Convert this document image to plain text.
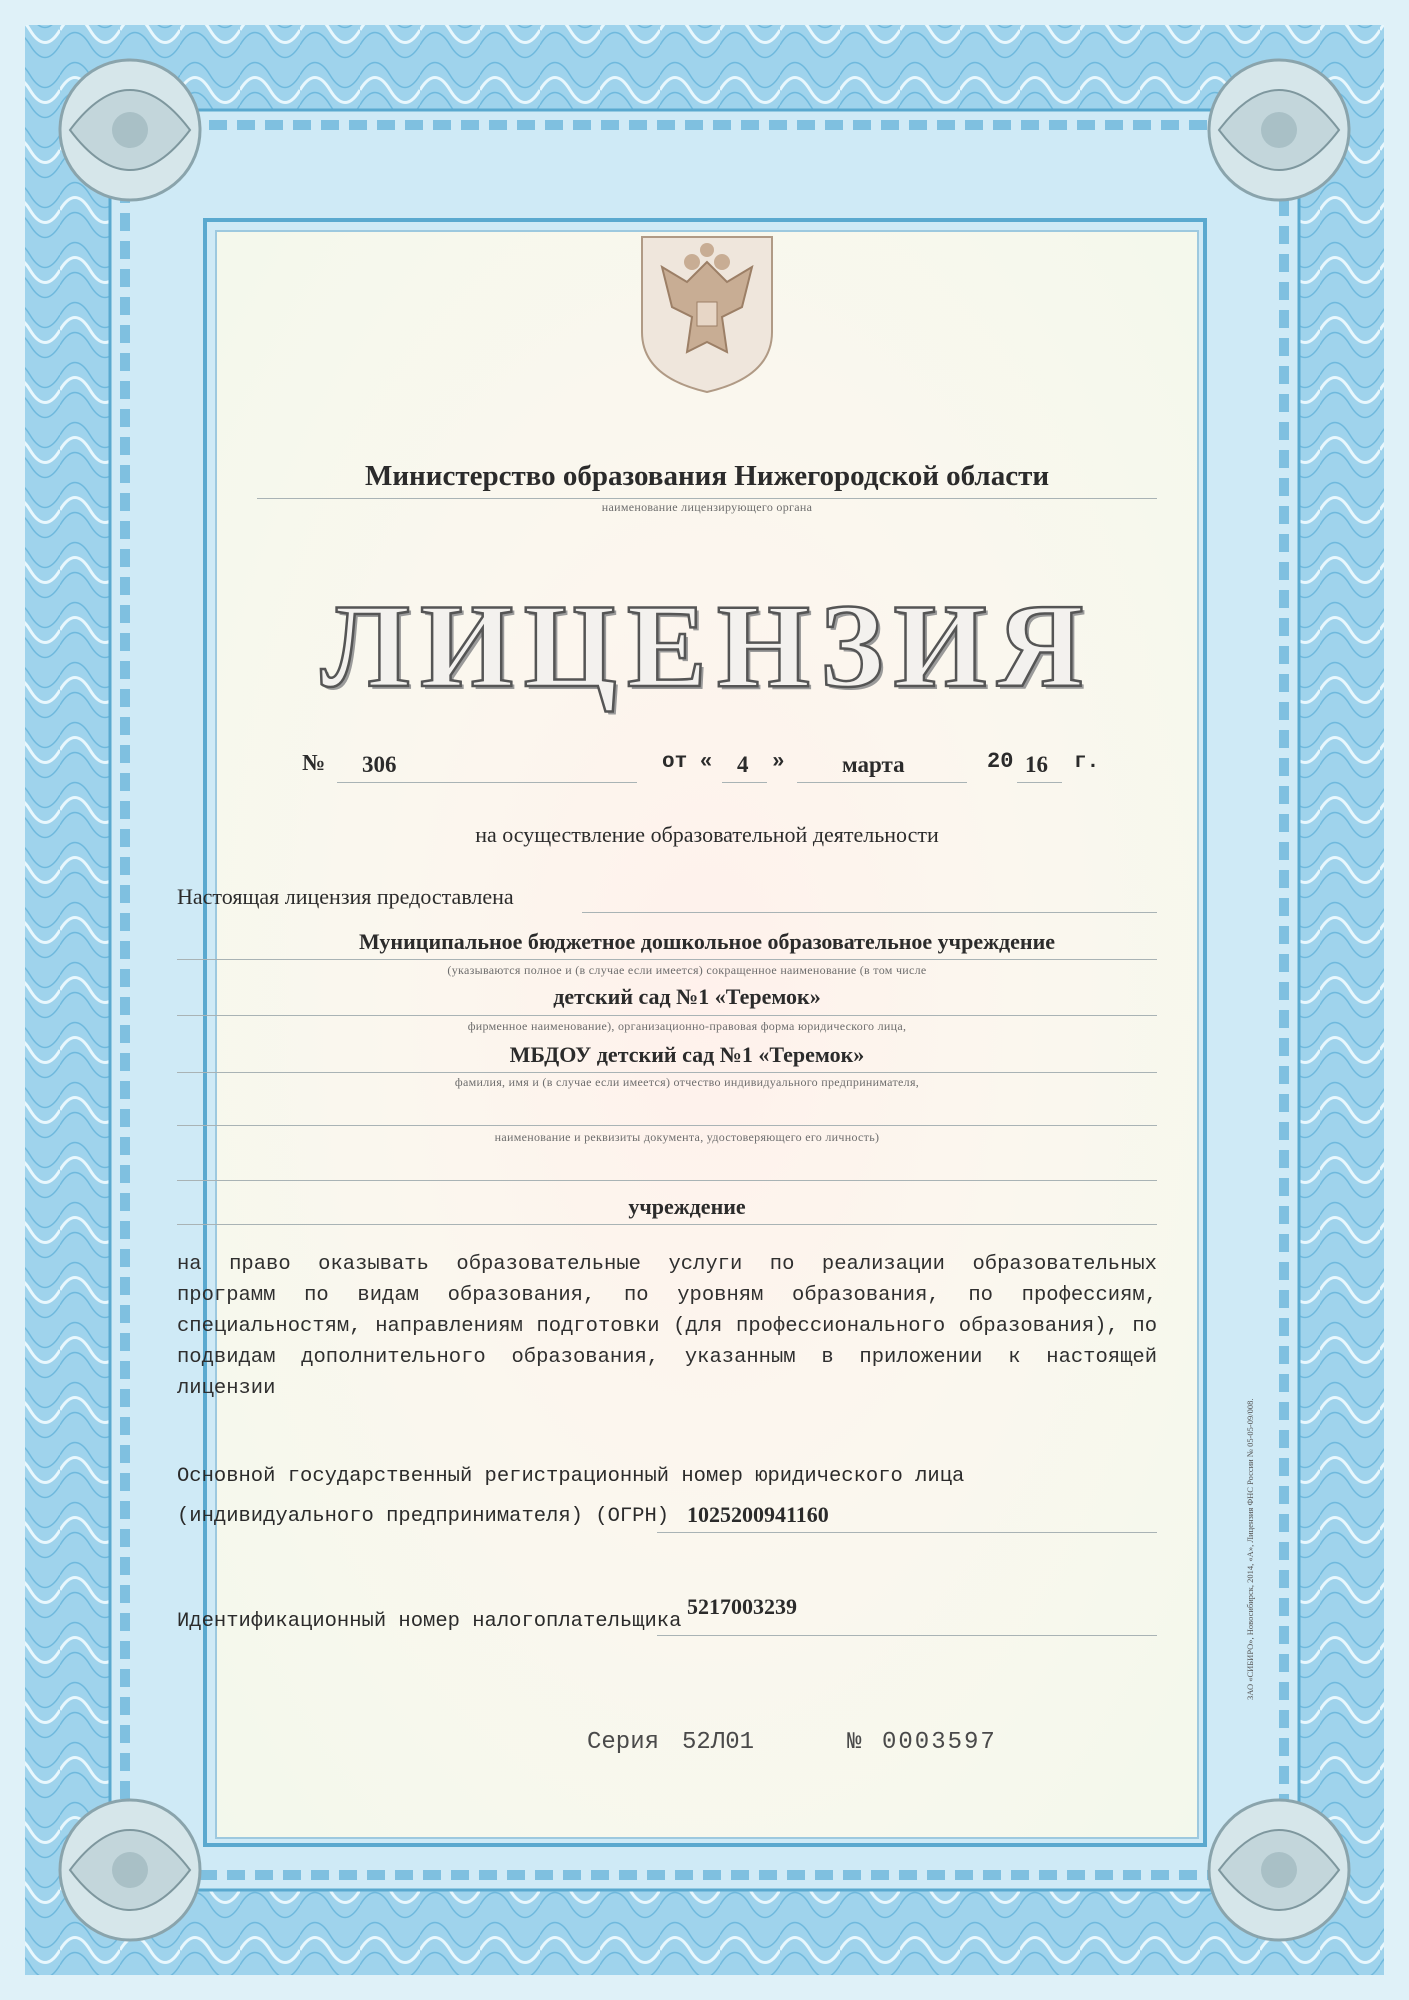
Министерство образования Нижегородской области
наименование лицензирующего органа
ЛИЦЕНЗИЯ
№ 306	от « 4 » марта	20 16 г.
на осуществление образовательной деятельности
Настоящая лицензия предоставлена
Муниципальное бюджетное дошкольное образовательное учреждение
(указываются полное и (в случае если имеется) сокращенное наименование (в том числе
детский сад №1 «Теремок»
фирменное наименование), организационно-правовая форма юридического лица,
МБДОУ детский сад №1 «Теремок»
фамилия, имя и (в случае если имеется) отчество индивидуального предпринимателя,
наименование и реквизиты документа, удостоверяющего его личность)
учреждение
на право оказывать образовательные услуги по реализации образовательных программ по видам образования, по уровням образования, по профессиям, специальностям, направлениям подготовки (для профессионального образования), по подвидам дополнительного образования, указанным в приложении к настоящей лицензии
Основной государственный регистрационный номер юридического лица
(индивидуального предпринимателя) (ОГРН) 1025200941160
Идентификационный номер налогоплательщика
5217003239
Серия 52Л01	№ 0003597
ЗАО «СИБИРО», Новосибирск, 2014, «А», Лицензия ФНС России № 05-05-09/008.
